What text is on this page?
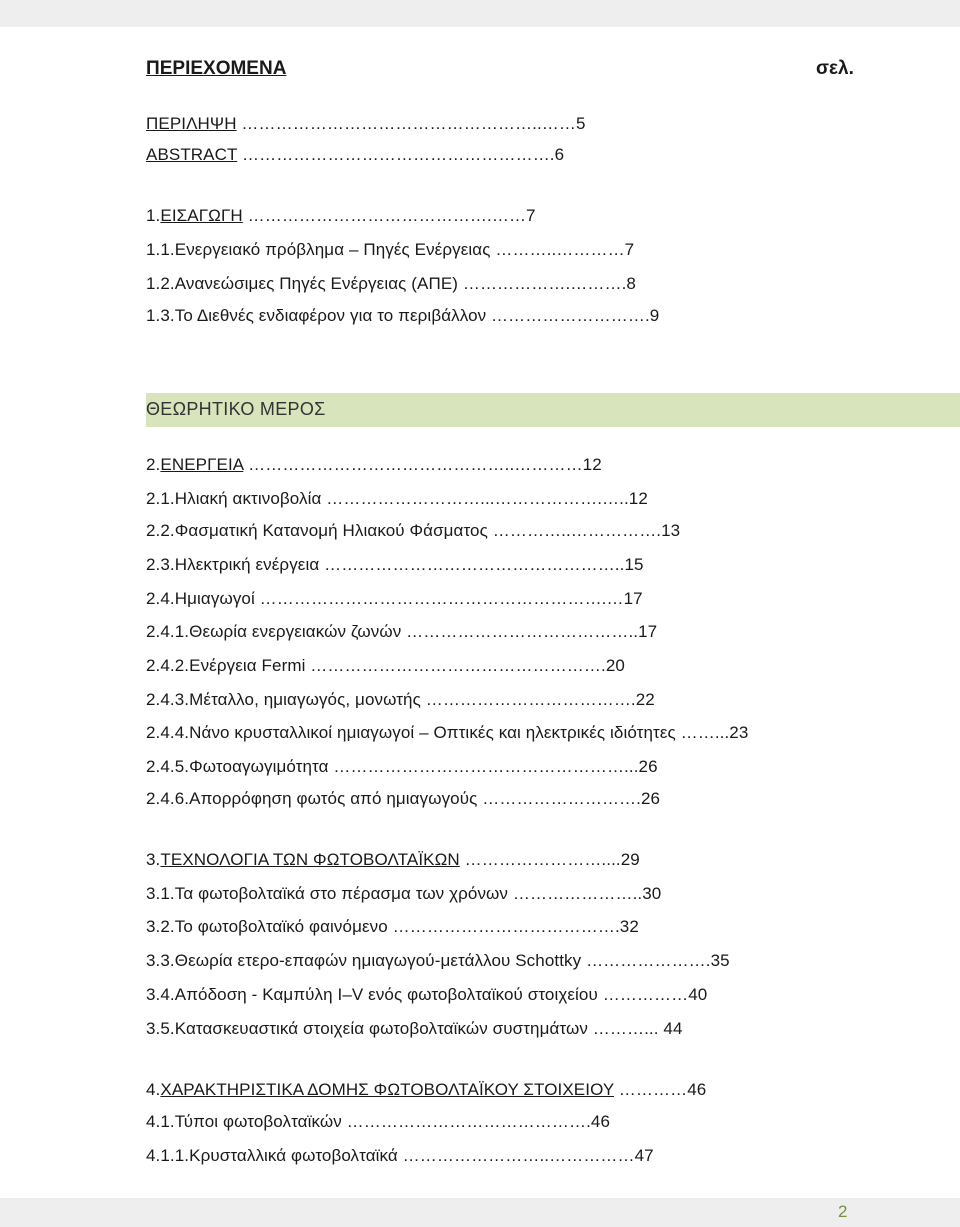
ΠΕΡΙΕΧΟΜΕΝΑ	σελ.
ΘΕΩΡΗΤΙΚΟ ΜΕΡΟΣ
ΠΕΡΙΛΗΨΗ ……………………………………………..……5
ABSTRACT ……………………………………………….6
1.ΕΙΣΑΓΩΓΗ …………………………………….……7
1.1.Ενεργειακό πρόβλημα – Πηγές Ενέργειας ………..…………7
1.2.Ανανεώσιμες Πηγές Ενέργειας (ΑΠΕ) ……………….……….8
1.3.Το Διεθνές ενδιαφέρον για το περιβάλλον ……………………….9
2.ΕΝΕΡΓΕΙΑ ………………………………………..…………12
2.1.Ηλιακή ακτινοβολία ………………………...……………….…..12
2.2.Φασματική Κατανομή Ηλιακού Φάσματος …………..…………….13
2.3.Ηλεκτρική ενέργεια ……………………………………………..15
2.4.Ημιαγωγοί …………………………………………………….…17
2.4.1.Θεωρία ενεργειακών ζωνών …………………………………..17
2.4.2.Ενέργεια Fermi …………………………………………….20
2.4.3.Μέταλλο, ημιαγωγός, μονωτής ……………………………….22
2.4.4.Νάνο κρυσταλλικοί ημιαγωγοί – Οπτικές και ηλεκτρικές ιδιότητες ……...23
2.4.5.Φωτοαγωγιμότητα ……………………………………………...26
2.4.6.Απορρόφηση φωτός από ημιαγωγούς ……………………….26
3.ΤΕΧΝΟΛΟΓΙΑ ΤΩΝ ΦΩΤΟΒΟΛΤΑΪΚΩΝ ……………………....29
3.1.Τα φωτοβολταϊκά στο πέρασμα των χρόνων …………………..30
3.2.Το φωτοβολταϊκό φαινόμενο ………………………………….32
3.3.Θεωρία ετερο-επαφών ημιαγωγού-μετάλλου Schottky ………………….35
3.4.Απόδοση - Καμπύλη I–V ενός φωτοβολταϊκού στοιχείου ……………40
3.5.Κατασκευαστικά στοιχεία φωτοβολταϊκών συστημάτων ………... 44
4.ΧΑΡΑΚΤΗΡΙΣΤΙΚΑ ΔΟΜΗΣ ΦΩΤΟΒΟΛΤΑΪΚΟΥ ΣΤΟΙΧΕΙΟΥ …………46
4.1.Τύποι φωτοβολταϊκών …………………………………….46
4.1.1.Κρυσταλλικά φωτοβολταϊκά ……………………..……………47
2
